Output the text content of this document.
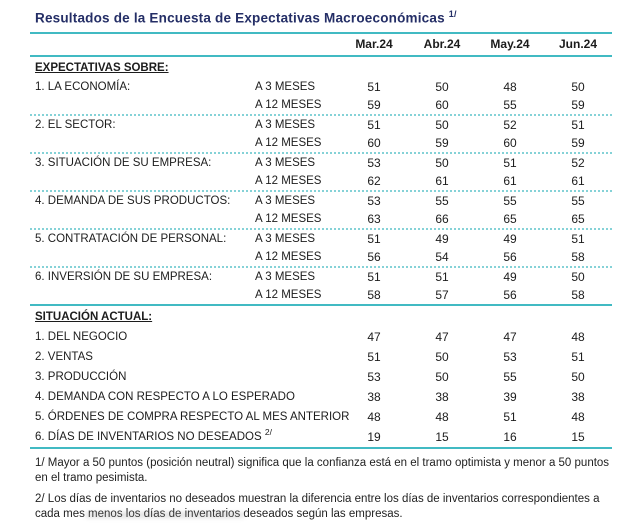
Resultados de la Encuesta de Expectativas Macroeconómicas $^{1/}$
Mar.24	Abr.24	May.24	Jun.24
EXPECTATIVAS SOBRE:
1. LA ECONOMÍA:	A 3 MESES	51	50	48	50
A 12 MESES	59	60	55	59
2. EL SECTOR:	A 3 MESES	51	50	52	51
A 12 MESES	60	59	60	59
3. SITUACIÓN DE SU EMPRESA:	A 3 MESES	53	50	51	52
A 12 MESES	62	61	61	61
4. DEMANDA DE SUS PRODUCTOS:	A 3 MESES	53	55	55	55
A 12 MESES	63	66	65	65
5. CONTRATACIÓN DE PERSONAL:	A 3 MESES	51	49	49	51
A 12 MESES	56	54	56	58
6. INVERSIÓN DE SU EMPRESA:	A 3 MESES	51	51	49	50
A 12 MESES	58	57	56	58
SITUACIÓN ACTUAL:
1. DEL NEGOCIO	47	47	47	48
2. VENTAS	51	50	53	51
3. PRODUCCIÓN	53	50	55	50
4. DEMANDA CON RESPECTO A LO ESPERADO	38	38	39	38
5. ÓRDENES DE COMPRA RESPECTO AL MES ANTERIOR	48	48	51	48
6. DÍAS DE INVENTARIOS NO DESEADOS $^{2/}$	19	15	16	15

1/ Mayor a 50 puntos (posición neutral) significa que la confianza está en el tramo optimista y menor a 50 puntos en el tramo pesimista.

2/ Los días de inventarios no deseados muestran la diferencia entre los días de inventarios correspondientes a cada mes menos los días de inventarios deseados según las empresas.
